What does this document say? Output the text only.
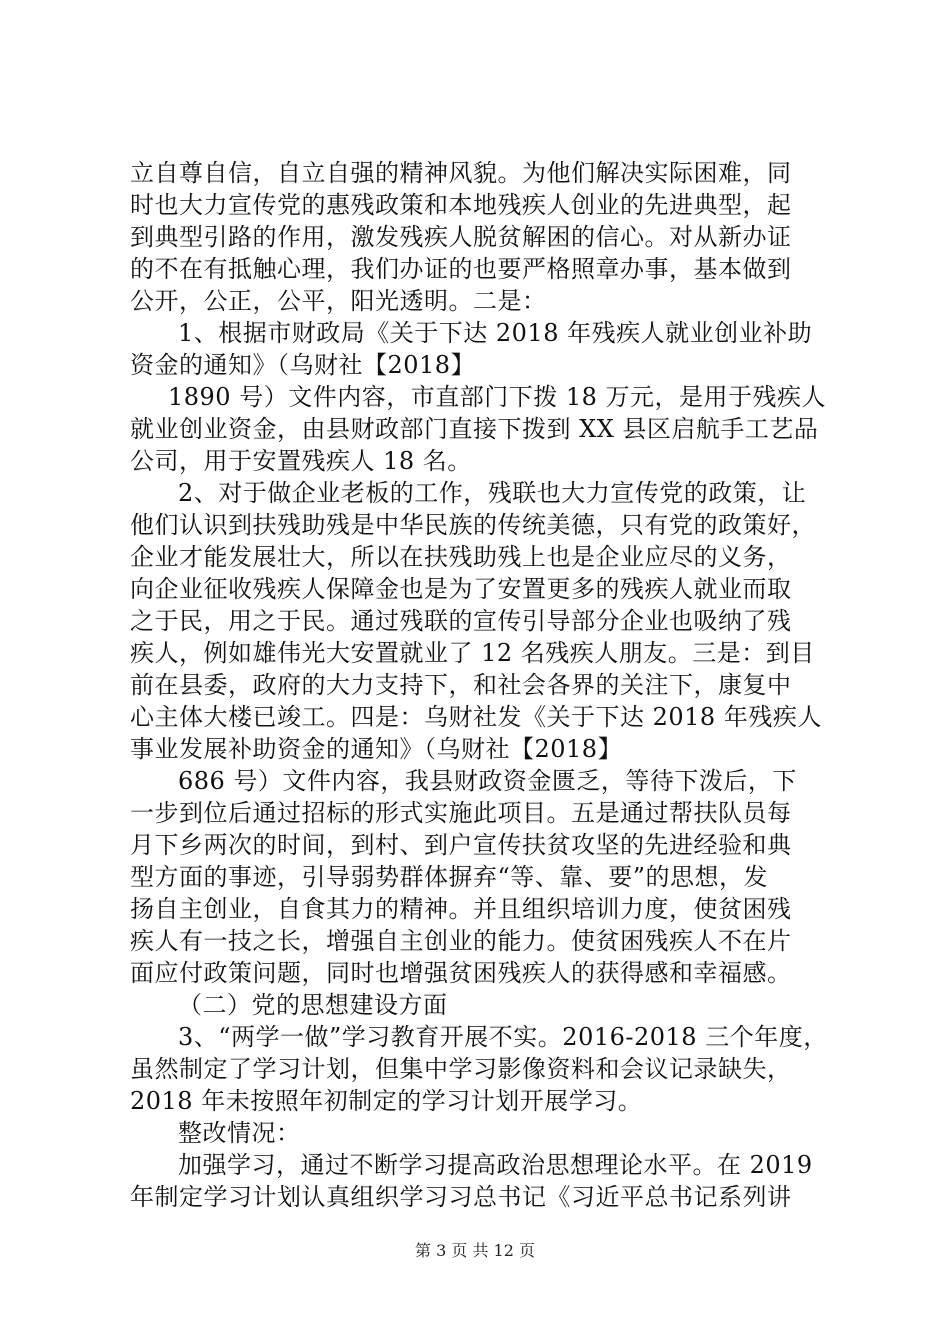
立自尊自信，自立自强的精神风貌。为他们解决实际困难，同
时也大力宣传党的惠残政策和本地残疾人创业的先进典型，起
到典型引路的作用，激发残疾人脱贫解困的信心。对从新办证
的不在有抵触心理，我们办证的也要严格照章办事，基本做到
公开，公正，公平，阳光透明。二是：
1、根据市财政局《关于下达 2018 年残疾人就业创业补助
资金的通知》（乌财社【2018】
1890 号）文件内容，市直部门下拨 18 万元，是用于残疾人
就业创业资金，由县财政部门直接下拨到 XX 县区启航手工艺品
公司，用于安置残疾人 18 名。
2、对于做企业老板的工作，残联也大力宣传党的政策，让
他们认识到扶残助残是中华民族的传统美德，只有党的政策好，
企业才能发展壮大，所以在扶残助残上也是企业应尽的义务，
向企业征收残疾人保障金也是为了安置更多的残疾人就业而取
之于民，用之于民。通过残联的宣传引导部分企业也吸纳了残
疾人，例如雄伟光大安置就业了 12 名残疾人朋友。三是：到目
前在县委，政府的大力支持下，和社会各界的关注下，康复中
心主体大楼已竣工。四是：乌财社发《关于下达 2018 年残疾人
事业发展补助资金的通知》（乌财社【2018】
686 号）文件内容，我县财政资金匮乏，等待下泼后，下
一步到位后通过招标的形式实施此项目。五是通过帮扶队员每
月下乡两次的时间，到村、到户宣传扶贫攻坚的先进经验和典
型方面的事迹，引导弱势群体摒弃“等、靠、要”的思想，发
扬自主创业，自食其力的精神。并且组织培训力度，使贫困残
疾人有一技之长，增强自主创业的能力。使贫困残疾人不在片
面应付政策问题，同时也增强贫困残疾人的获得感和幸福感。
（二）党的思想建设方面
3、“两学一做”学习教育开展不实。2016-2018 三个年度，
虽然制定了学习计划，但集中学习影像资料和会议记录缺失，
2018 年未按照年初制定的学习计划开展学习。
整改情况：
加强学习，通过不断学习提高政治思想理论水平。在 2019
年制定学习计划认真组织学习习总书记《习近平总书记系列讲
第 3 页 共 12 页
